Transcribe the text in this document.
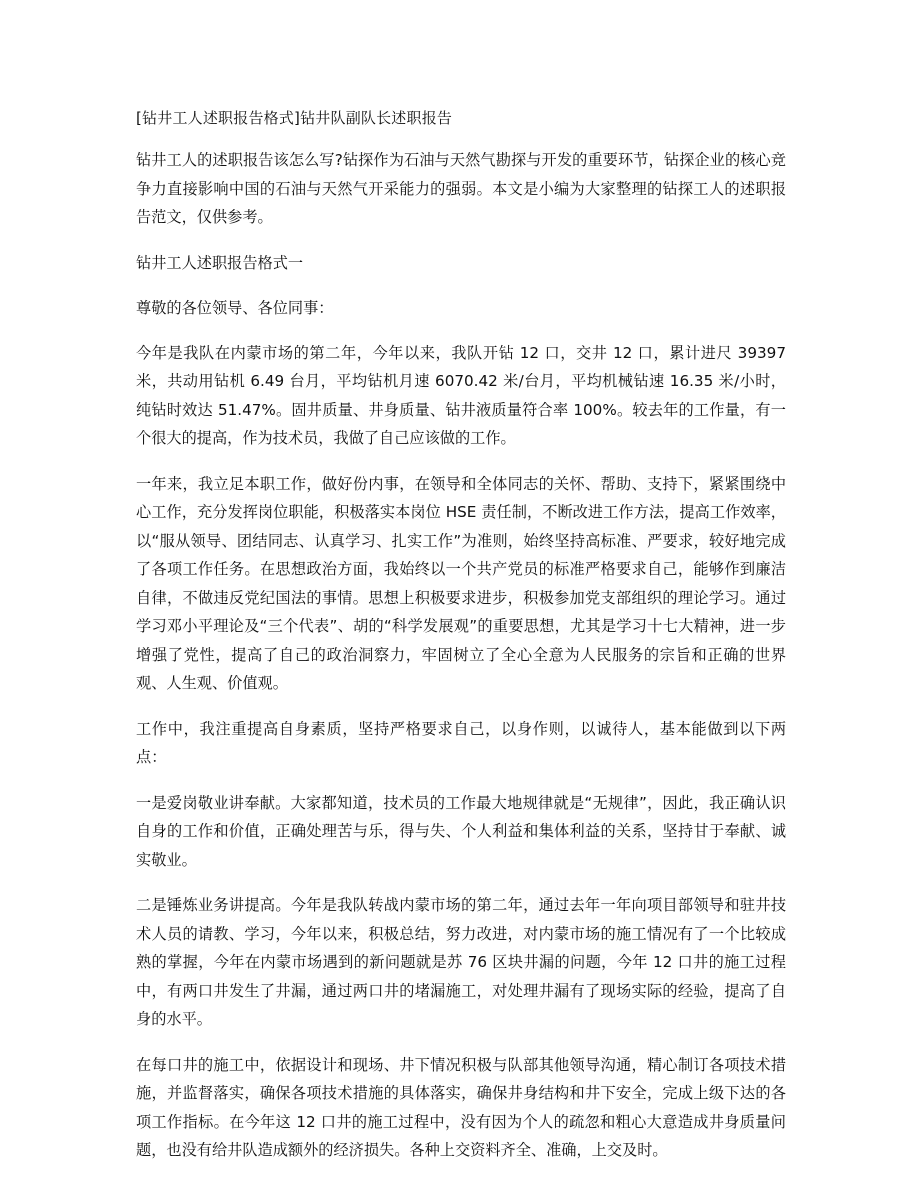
[钻井工人述职报告格式]钻井队副队长述职报告

钻井工人的述职报告该怎么写?钻探作为石油与天然气勘探与开发的重要环节，钻探企业的核心竞争力直接影响中国的石油与天然气开采能力的强弱。本文是小编为大家整理的钻探工人的述职报告范文，仅供参考。

钻井工人述职报告格式一
尊敬的各位领导、各位同事：

今年是我队在内蒙市场的第二年，今年以来，我队开钻 12 口，交井 12 口，累计进尺 39397 米，共动用钻机 6.49 台月，平均钻机月速 6070.42 米/台月，平均机械钻速 16.35 米/小时，纯钻时效达 51.47%。固井质量、井身质量、钻井液质量符合率 100%。较去年的工作量，有一个很大的提高，作为技术员，我做了自己应该做的工作。

一年来，我立足本职工作，做好份内事，在领导和全体同志的关怀、帮助、支持下，紧紧围绕中心工作，充分发挥岗位职能，积极落实本岗位 HSE 责任制，不断改进工作方法，提高工作效率，以“服从领导、团结同志、认真学习、扎实工作”为准则，始终坚持高标准、严要求，较好地完成了各项工作任务。在思想政治方面，我始终以一个共产党员的标准严格要求自己，能够作到廉洁自律，不做违反党纪国法的事情。思想上积极要求进步，积极参加党支部组织的理论学习。通过学习邓小平理论及“三个代表”、胡的“科学发展观”的重要思想，尤其是学习十七大精神，进一步增强了党性，提高了自己的政治洞察力，牢固树立了全心全意为人民服务的宗旨和正确的世界观、人生观、价值观。

工作中，我注重提高自身素质，坚持严格要求自己，以身作则，以诚待人，基本能做到以下两点：

一是爱岗敬业讲奉献。大家都知道，技术员的工作最大地规律就是“无规律”，因此，我正确认识自身的工作和价值，正确处理苦与乐，得与失、个人利益和集体利益的关系，坚持甘于奉献、诚实敬业。

二是锤炼业务讲提高。今年是我队转战内蒙市场的第二年，通过去年一年向项目部领导和驻井技术人员的请教、学习，今年以来，积极总结，努力改进，对内蒙市场的施工情况有了一个比较成熟的掌握，今年在内蒙市场遇到的新问题就是苏 76 区块井漏的问题，今年 12 口井的施工过程中，有两口井发生了井漏，通过两口井的堵漏施工，对处理井漏有了现场实际的经验，提高了自身的水平。

在每口井的施工中，依据设计和现场、井下情况积极与队部其他领导沟通，精心制订各项技术措施，并监督落实，确保各项技术措施的具体落实，确保井身结构和井下安全，完成上级下达的各项工作指标。在今年这 12 口井的施工过程中，没有因为个人的疏忽和粗心大意造成井身质量问题，也没有给井队造成额外的经济损失。各种上交资料齐全、准确，上交及时。
